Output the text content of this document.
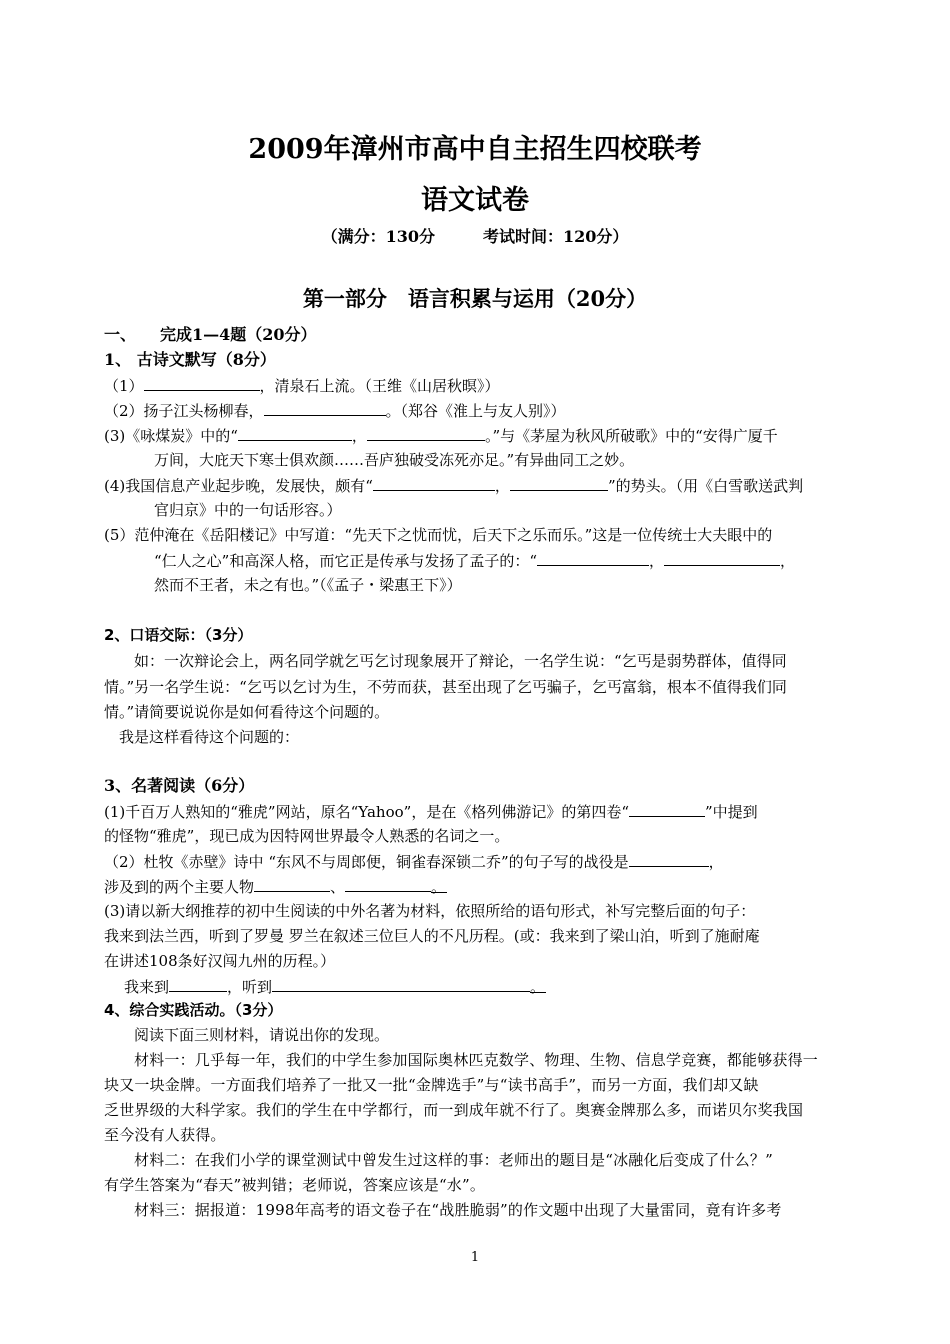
2009年漳州市高中自主招生四校联考
语文试卷
（满分：130分　　　考试时间：120分）
第一部分　语言积累与运用（20分）
一、　　完成1—4题（20分）
1、 古诗文默写（8分）
（1）	，清泉石上流。（王维《山居秋暝》）
（2）扬子江头杨柳春，	。（郑谷《淮上与友人别》）
(3)《咏煤炭》中的“	，	。”与《茅屋为秋风所破歌》中的“安得广厦千
万间，大庇天下寒士俱欢颜……吾庐独破受冻死亦足。”有异曲同工之妙。
(4)我国信息产业起步晚，发展快，颇有“	，	”的势头。（用《白雪歌送武判
官归京》中的一句话形容。）
(5）范仲淹在《岳阳楼记》中写道：“先天下之忧而忧，后天下之乐而乐。”这是一位传统士大夫眼中的
“仁人之心”和高深人格，而它正是传承与发扬了孟子的：“	，	，
然而不王者，未之有也。”（《孟子・梁惠王下》）
2、口语交际：（3分）
如：一次辩论会上，两名同学就乞丐乞讨现象展开了辩论，一名学生说：“乞丐是弱势群体，值得同
情。”另一名学生说：“乞丐以乞讨为生，不劳而获，甚至出现了乞丐骗子，乞丐富翁，根本不值得我们同
情。”请简要说说你是如何看待这个问题的。
我是这样看待这个问题的：
3、名著阅读（6分）
(1)千百万人熟知的“雅虎”网站，原名“Yahoo”，是在《格列佛游记》的第四卷“	”中提到
的怪物“雅虎”，现已成为因特网世界最令人熟悉的名词之一。
（2）杜牧《赤壁》诗中 “东风不与周郎便，铜雀春深锁二乔”的句子写的战役是	，
涉及到的两个主要人物	、	。
(3)请以新大纲推荐的初中生阅读的中外名著为材料，依照所给的语句形式，补写完整后面的句子：
我来到法兰西，听到了罗曼 罗兰在叙述三位巨人的不凡历程。(或：我来到了梁山泊，听到了施耐庵
在讲述108条好汉闯九州的历程。）
我来到	，听到	。
4、综合实践活动。（3分）
阅读下面三则材料，请说出你的发现。
材料一：几乎每一年，我们的中学生参加国际奥林匹克数学、物理、生物、信息学竞赛，都能够获得一
块又一块金牌。一方面我们培养了一批又一批“金牌选手”与“读书高手”，而另一方面，我们却又缺
乏世界级的大科学家。我们的学生在中学都行，而一到成年就不行了。奥赛金牌那么多，而诺贝尔奖我国
至今没有人获得。
材料二：在我们小学的课堂测试中曾发生过这样的事：老师出的题目是“冰融化后变成了什么？”
有学生答案为“春天”被判错；老师说，答案应该是“水”。
材料三：据报道：1998年高考的语文卷子在“战胜脆弱”的作文题中出现了大量雷同，竟有许多考
1
